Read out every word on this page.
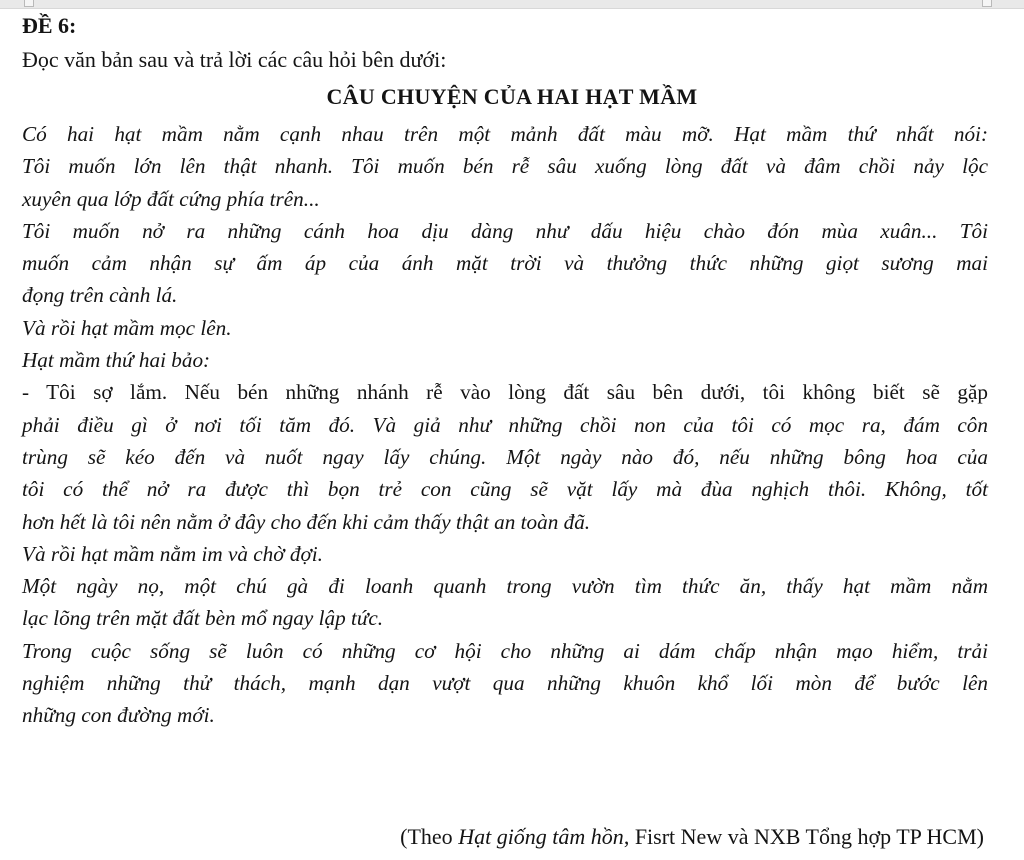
ĐỀ 6:

Đọc văn bản sau và trả lời các câu hỏi bên dưới:

CÂU CHUYỆN CỦA HAI HẠT MẦM

Có hai hạt mầm nằm cạnh nhau trên một mảnh đất màu mỡ. Hạt mầm thứ nhất nói:
Tôi muốn lớn lên thật nhanh. Tôi muốn bén rễ sâu xuống lòng đất và đâm chồi nảy lộc
xuyên qua lớp đất cứng phía trên...
Tôi muốn nở ra những cánh hoa dịu dàng như dấu hiệu chào đón mùa xuân... Tôi
muốn cảm nhận sự ấm áp của ánh mặt trời và thưởng thức những giọt sương mai
đọng trên cành lá.
Và rồi hạt mầm mọc lên.
Hạt mầm thứ hai bảo:
- Tôi sợ lắm. Nếu bén những nhánh rễ vào lòng đất sâu bên dưới, tôi không biết sẽ gặp
phải điều gì ở nơi tối tăm đó. Và giả như những chồi non của tôi có mọc ra, đám côn
trùng sẽ kéo đến và nuốt ngay lấy chúng. Một ngày nào đó, nếu những bông hoa của
tôi có thể nở ra được thì bọn trẻ con cũng sẽ vặt lấy mà đùa nghịch thôi. Không, tốt
hơn hết là tôi nên nằm ở đây cho đến khi cảm thấy thật an toàn đã.
Và rồi hạt mầm nằm im và chờ đợi.
Một ngày nọ, một chú gà đi loanh quanh trong vườn tìm thức ăn, thấy hạt mầm nằm
lạc lõng trên mặt đất bèn mổ ngay lập tức.
Trong cuộc sống sẽ luôn có những cơ hội cho những ai dám chấp nhận mạo hiểm, trải
nghiệm những thử thách, mạnh dạn vượt qua những khuôn khổ lối mòn để bước lên
những con đường mới.

(Theo Hạt giống tâm hồn, Fisrt New và NXB Tổng hợp TP HCM)
